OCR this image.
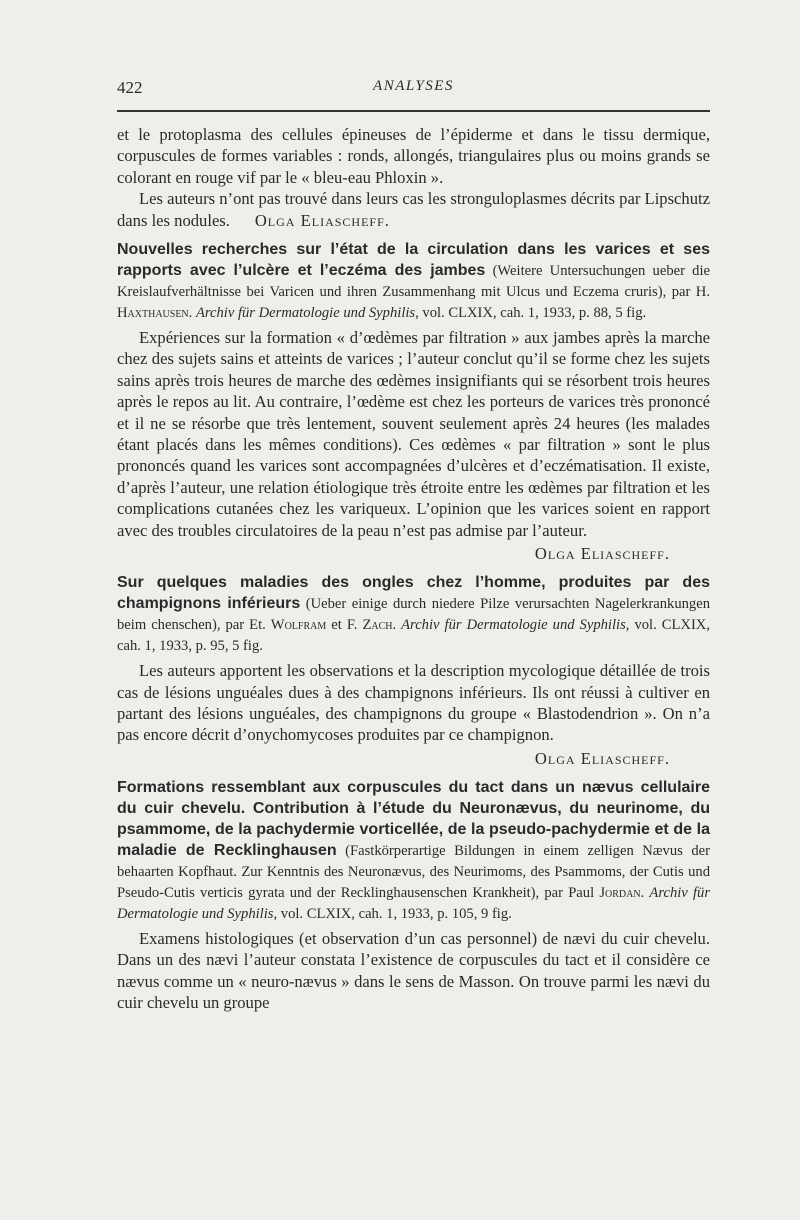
422	ANALYSES

et le protoplasma des cellules épineuses de l’épiderme et dans le tissu dermique, corpuscules de formes variables : ronds, allongés, triangulaires plus ou moins grands se colorant en rouge vif par le « bleu-eau Phloxin ».

Les auteurs n’ont pas trouvé dans leurs cas les stronguloplasmes décrits par Lipschutz dans les nodules. Olga Eliascheff.

Nouvelles recherches sur l’état de la circulation dans les varices et ses rapports avec l’ulcère et l’eczéma des jambes (Weitere Untersuchungen ueber die Kreislaufverhältnisse bei Varicen und ihren Zusammenhang mit Ulcus und Eczema cruris), par H. Haxthausen. Archiv für Dermatologie und Syphilis, vol. CLXIX, cah. 1, 1933, p. 88, 5 fig.

Expériences sur la formation « d’œdèmes par filtration » aux jambes après la marche chez des sujets sains et atteints de varices ; l’auteur conclut qu’il se forme chez les sujets sains après trois heures de marche des œdèmes insignifiants qui se résorbent trois heures après le repos au lit. Au contraire, l’œdème est chez les porteurs de varices très prononcé et il ne se résorbe que très lentement, souvent seulement après 24 heures (les malades étant placés dans les mêmes conditions). Ces œdèmes « par filtration » sont le plus prononcés quand les varices sont accompagnées d’ulcères et d’eczématisation. Il existe, d’après l’auteur, une relation étiologique très étroite entre les œdèmes par filtration et les complications cutanées chez les variqueux. L’opinion que les varices soient en rapport avec des troubles circulatoires de la peau n’est pas admise par l’auteur.

Olga Eliascheff.
Sur quelques maladies des ongles chez l’homme, produites par des champignons inférieurs (Ueber einige durch niedere Pilze verursachten Nagelerkrankungen beim chenschen), par Et. Wolfram et F. Zach. Archiv für Dermatologie und Syphilis, vol. CLXIX, cah. 1, 1933, p. 95, 5 fig.

Les auteurs apportent les observations et la description mycologique détaillée de trois cas de lésions unguéales dues à des champignons inférieurs. Ils ont réussi à cultiver en partant des lésions unguéales, des champignons du groupe « Blastodendrion ». On n’a pas encore décrit d’onychomycoses produites par ce champignon.

Olga Eliascheff.
Formations ressemblant aux corpuscules du tact dans un nævus cellulaire du cuir chevelu. Contribution à l’étude du Neuronævus, du neurinome, du psammome, de la pachydermie vorticellée, de la pseudo-pachydermie et de la maladie de Recklinghausen (Fastkörperartige Bildungen in einem zelligen Nævus der behaarten Kopfhaut. Zur Kenntnis des Neuronævus, des Neurimoms, des Psammoms, der Cutis und Pseudo-Cutis verticis gyrata und der Recklinghausenschen Krankheit), par Paul Jordan. Archiv für Dermatologie und Syphilis, vol. CLXIX, cah. 1, 1933, p. 105, 9 fig.

Examens histologiques (et observation d’un cas personnel) de nævi du cuir chevelu. Dans un des nævi l’auteur constata l’existence de corpuscules du tact et il considère ce nævus comme un « neuro-nævus » dans le sens de Masson. On trouve parmi les nævi du cuir chevelu un groupe
